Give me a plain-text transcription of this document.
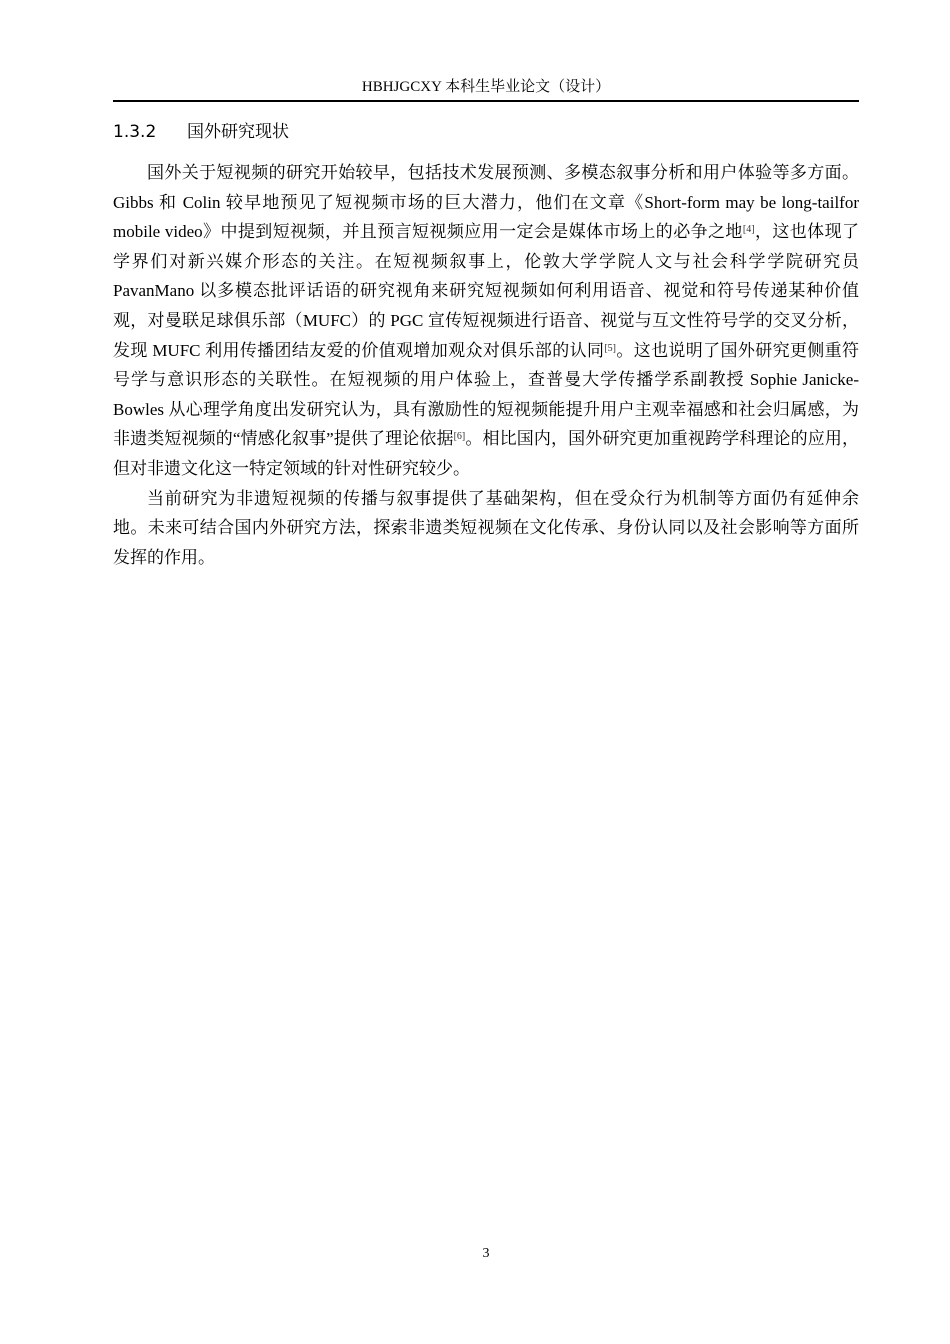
HBHJGCXY 本科生毕业论文（设计）
1.3.2 国外研究现状

国外关于短视频的研究开始较早，包括技术发展预测、多模态叙事分析和用户体验等多方面。Gibbs 和 Colin 较早地预见了短视频市场的巨大潜力，他们在文章《Short-form may be long-tailfor mobile video》中提到短视频，并且预言短视频应用一定会是媒体市场上的必争之地[4]，这也体现了学界们对新兴媒介形态的关注。在短视频叙事上，伦敦大学学院人文与社会科学学院研究员 PavanMano 以多模态批评话语的研究视角来研究短视频如何利用语音、视觉和符号传递某种价值观，对曼联足球俱乐部（MUFC）的 PGC 宣传短视频进行语音、视觉与互文性符号学的交叉分析，发现 MUFC 利用传播团结友爱的价值观增加观众对俱乐部的认同[5]。这也说明了国外研究更侧重符号学与意识形态的关联性。在短视频的用户体验上，查普曼大学传播学系副教授 Sophie Janicke-Bowles 从心理学角度出发研究认为，具有激励性的短视频能提升用户主观幸福感和社会归属感，为非遗类短视频的“情感化叙事”提供了理论依据[6]。相比国内，国外研究更加重视跨学科理论的应用，但对非遗文化这一特定领域的针对性研究较少。

当前研究为非遗短视频的传播与叙事提供了基础架构，但在受众行为机制等方面仍有延伸余地。未来可结合国内外研究方法，探索非遗类短视频在文化传承、身份认同以及社会影响等方面所发挥的作用。

3
